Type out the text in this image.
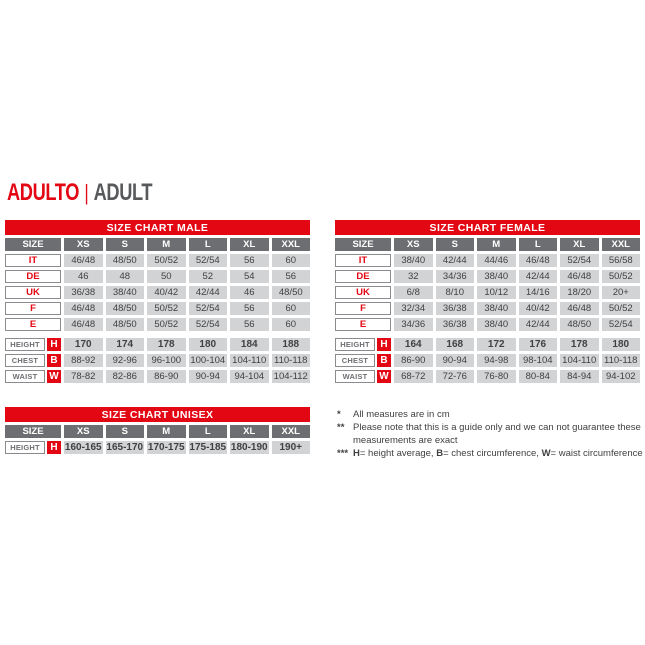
ADULTO | ADULT
SIZE CHART MALE
SIZE	XS	S	M	L	XL	XXL
IT	46/48	48/50	50/52	52/54	56	60
DE	46	48	50	52	54	56
UK	36/38	38/40	40/42	42/44	46	48/50
F	46/48	48/50	50/52	52/54	56	60
E	46/48	48/50	50/52	52/54	56	60
HEIGHT	H	170	174	178	180	184	188
CHEST	B	88-92	92-96	96-100 100-104 104-110 110-118
WAIST	W	78-82	82-86	86-90	90-94	94-104	104-112
SIZE CHART FEMALE
SIZE	XS	S	M	L	XL	XXL
IT	38/40	42/44	44/46	46/48	52/54	56/58
DE	32	34/36	38/40	42/44	46/48	50/52
UK	6/8	8/10	10/12	14/16	18/20	20+
F	32/34	36/38	38/40	40/42	46/48	50/52
E	34/36	36/38	38/40	42/44	48/50	52/54
HEIGHT	H	164	168	172	176	178	180
CHEST	B	86-90	90-94	94-98	98-104	104-110 110-118
WAIST	W	68-72	72-76	76-80	80-84	84-94	94-102
SIZE CHART UNISEX
SIZE	XS	S	M	L	XL	XXL
HEIGHT	H 160-165 165-170 170-175 175-185 180-190	190+
*	All measures are in cm
** Please note that this is a guide only and we can not guarantee these measurements are exact
*** H= height average, B= chest circumference, W= waist circumference
